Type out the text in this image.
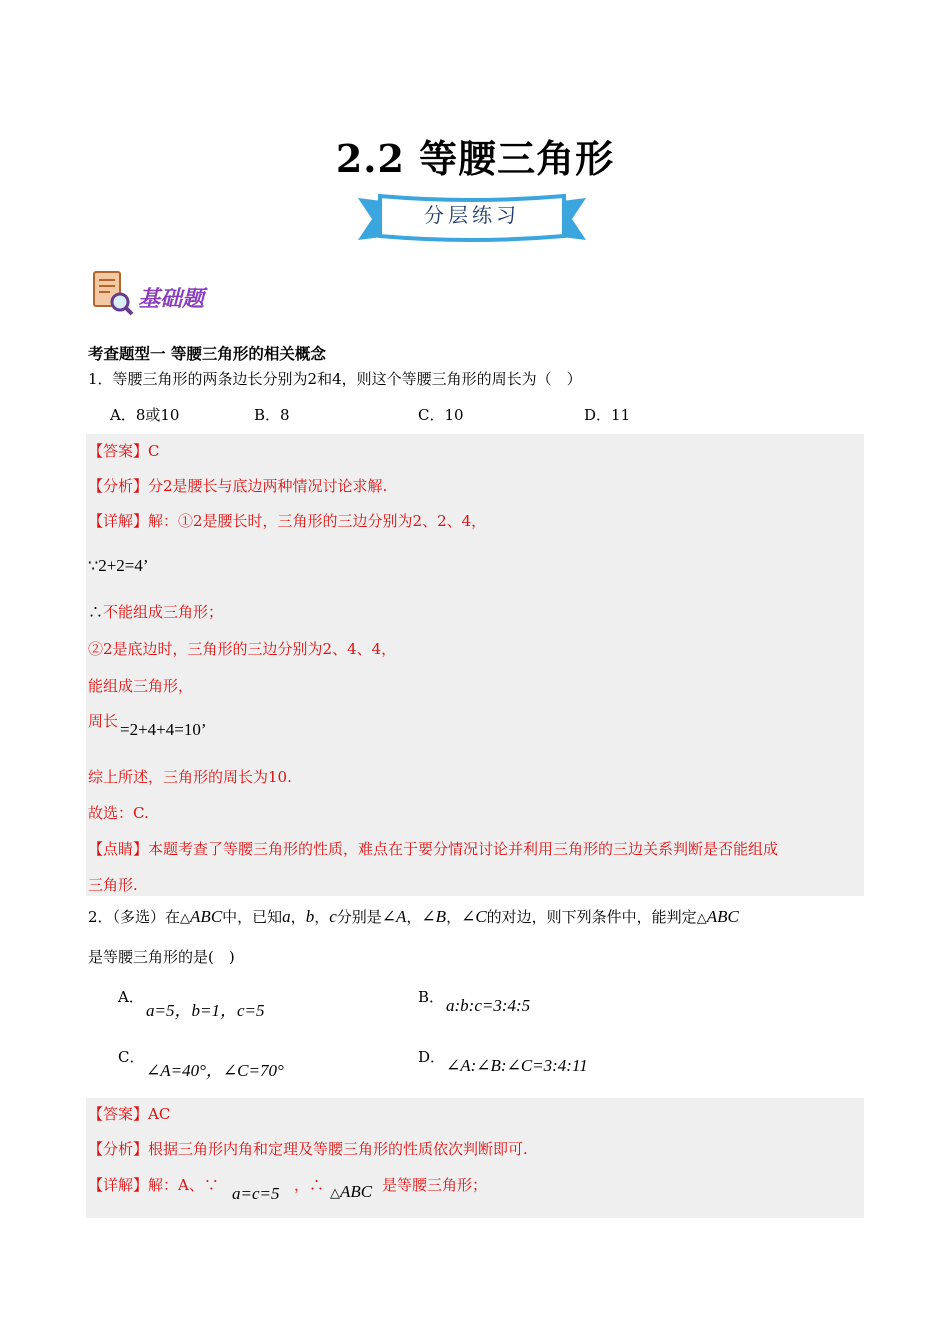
2.2 等腰三角形
分层练习
基础题
考查题型一 等腰三角形的相关概念
1．等腰三角形的两条边长分别为2和4，则这个等腰三角形的周长为（　）
A．8或10	B．8	C．10	D．11
【答案】C
【分析】分2是腰长与底边两种情况讨论求解.
【详解】解：①2是腰长时，三角形的三边分别为2、2、4，
∵2+2=4’
∴不能组成三角形；
②2是底边时，三角形的三边分别为2、4、4，
能组成三角形，
周长 =2+4+4=10’
综上所述，三角形的周长为10.
故选：C.
【点睛】本题考查了等腰三角形的性质，难点在于要分情况讨论并利用三角形的三边关系判断是否能组成
三角形.
2．（多选）在△ABC中，已知a，b，c分别是∠A，∠B，∠C的对边，则下列条件中，能判定△ABC
是等腰三角形的是(　)
A．
a=5，b=1，c=5
B． a:b:c=3:4:5
C．
∠A=40°，∠C=70°
D． ∠A:∠B:∠C=3:4:11
【答案】AC
【分析】根据三角形内角和定理及等腰三角形的性质依次判断即可.
【详解】解：A、∵ a=c=5 ，∴ △ABC 是等腰三角形；
